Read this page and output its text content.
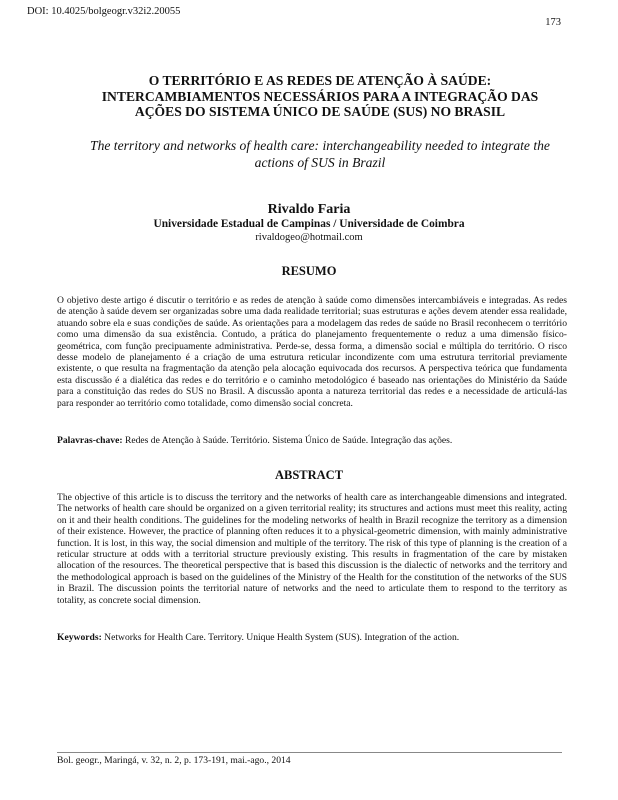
DOI: 10.4025/bolgeogr.v32i2.20055
173
O TERRITÓRIO E AS REDES DE ATENÇÃO À SAÚDE:
INTERCAMBIAMENTOS NECESSÁRIOS PARA A INTEGRAÇÃO DAS
AÇÕES DO SISTEMA ÚNICO DE SAÚDE (SUS) NO BRASIL
The territory and networks of health care: interchangeability needed to integrate the
actions of SUS in Brazil
Rivaldo Faria
Universidade Estadual de Campinas / Universidade de Coimbra
rivaldogeo@hotmail.com
RESUMO
O objetivo deste artigo é discutir o território e as redes de atenção à saúde como dimensões intercambiáveis e integradas. As redes de atenção à saúde devem ser organizadas sobre uma dada realidade territorial; suas estruturas e ações devem atender essa realidade, atuando sobre ela e suas condições de saúde. As orientações para a modelagem das redes de saúde no Brasil reconhecem o território como uma dimensão da sua existência. Contudo, a prática do planejamento frequentemente o reduz a uma dimensão físico-geométrica, com função precipuamente administrativa. Perde-se, dessa forma, a dimensão social e múltipla do território. O risco desse modelo de planejamento é a criação de uma estrutura reticular incondizente com uma estrutura territorial previamente existente, o que resulta na fragmentação da atenção pela alocação equivocada dos recursos. A perspectiva teórica que fundamenta esta discussão é a dialética das redes e do território e o caminho metodológico é baseado nas orientações do Ministério da Saúde para a constituição das redes do SUS no Brasil. A discussão aponta a natureza territorial das redes e a necessidade de articulá-las para responder ao território como totalidade, como dimensão social concreta.
Palavras-chave: Redes de Atenção à Saúde. Território. Sistema Único de Saúde. Integração das ações.
ABSTRACT
The objective of this article is to discuss the territory and the networks of health care as interchangeable dimensions and integrated. The networks of health care should be organized on a given territorial reality; its structures and actions must meet this reality, acting on it and their health conditions. The guidelines for the modeling networks of health in Brazil recognize the territory as a dimension of their existence. However, the practice of planning often reduces it to a physical-geometric dimension, with mainly administrative function. It is lost, in this way, the social dimension and multiple of the territory. The risk of this type of planning is the creation of a reticular structure at odds with a territorial structure previously existing. This results in fragmentation of the care by mistaken allocation of the resources. The theoretical perspective that is based this discussion is the dialectic of networks and the territory and the methodological approach is based on the guidelines of the Ministry of the Health for the constitution of the networks of the SUS in Brazil. The discussion points the territorial nature of networks and the need to articulate them to respond to the territory as totality, as concrete social dimension.
Keywords: Networks for Health Care. Territory. Unique Health System (SUS). Integration of the action.
Bol. geogr., Maringá, v. 32, n. 2, p. 173-191, mai.-ago., 2014
